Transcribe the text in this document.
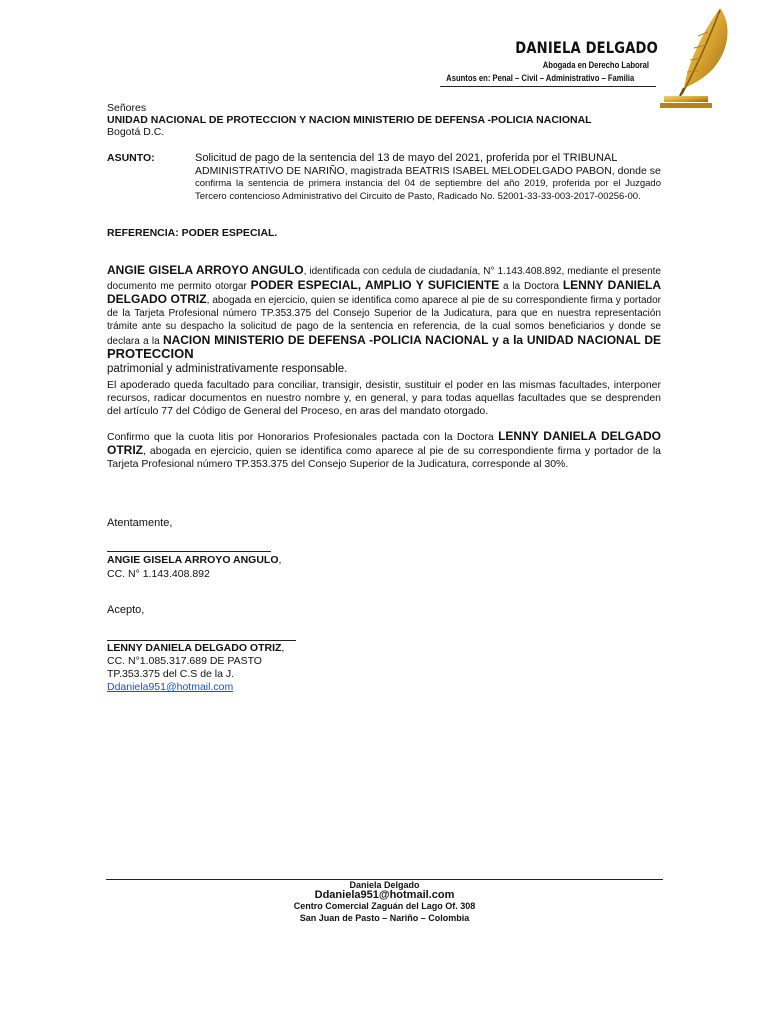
DANIELA DELGADO
Abogada en Derecho Laboral
Asuntos en: Penal – Civil – Administrativo – Familia
Señores
UNIDAD NACIONAL DE PROTECCION Y NACION MINISTERIO DE DEFENSA -POLICIA NACIONAL
Bogotá D.C.
ASUNTO:	Solicitud de pago de la sentencia del 13 de mayo del 2021, proferida por el TRIBUNAL
ADMINISTRATIVO DE NARIÑO, magistrada BEATRIS ISABEL MELODELGADO PABON, donde se
confirma la sentencia de primera instancia del 04 de septiembre del año 2019, proferida por el Juzgado Tercero contencioso Administrativo del Circuito de Pasto, Radicado No. 52001-33-33-003-2017-00256-00.
REFERENCIA: PODER ESPECIAL.
ANGIE GISELA ARROYO ANGULO, identificada con cedula de ciudadanía, N° 1.143.408.892, mediante el presente documento me permito otorgar PODER ESPECIAL, AMPLIO Y SUFICIENTE a la Doctora LENNY DANIELA DELGADO OTRIZ, abogada en ejercicio, quien se identifica como aparece al pie de su correspondiente firma y portador de la Tarjeta Profesional número TP.353.375 del Consejo Superior de la Judicatura, para que en nuestra representación trámite ante su despacho la solicitud de pago de la sentencia en referencia, de la cual somos beneficiarios y donde se declara a la NACION MINISTERIO DE DEFENSA -POLICIA NACIONAL y a la UNIDAD NACIONAL DE PROTECCION
patrimonial y administrativamente responsable.
El apoderado queda facultado para conciliar, transigir, desistir, sustituir el poder en las mismas facultades, interponer recursos, radicar documentos en nuestro nombre y, en general, y para todas aquellas facultades que se desprenden del artículo 77 del Código de General del Proceso, en aras del mandato otorgado.
Confirmo que la cuota litis por Honorarios Profesionales pactada con la Doctora LENNY DANIELA DELGADO OTRIZ, abogada en ejercicio, quien se identifica como aparece al pie de su correspondiente firma y portador de la Tarjeta Profesional número TP.353.375 del Consejo Superior de la Judicatura, corresponde al 30%.
Atentamente,
ANGIE GISELA ARROYO ANGULO,
CC. N° 1.143.408.892
Acepto,
LENNY DANIELA DELGADO OTRIZ,
CC. N°1.085.317.689 DE PASTO
TP.353.375 del C.S de la J.
Ddaniela951@hotmail.com
Daniela Delgado
Ddaniela951@hotmail.com
Centro Comercial Zaguán del Lago Of. 308
San Juan de Pasto – Nariño – Colombia
